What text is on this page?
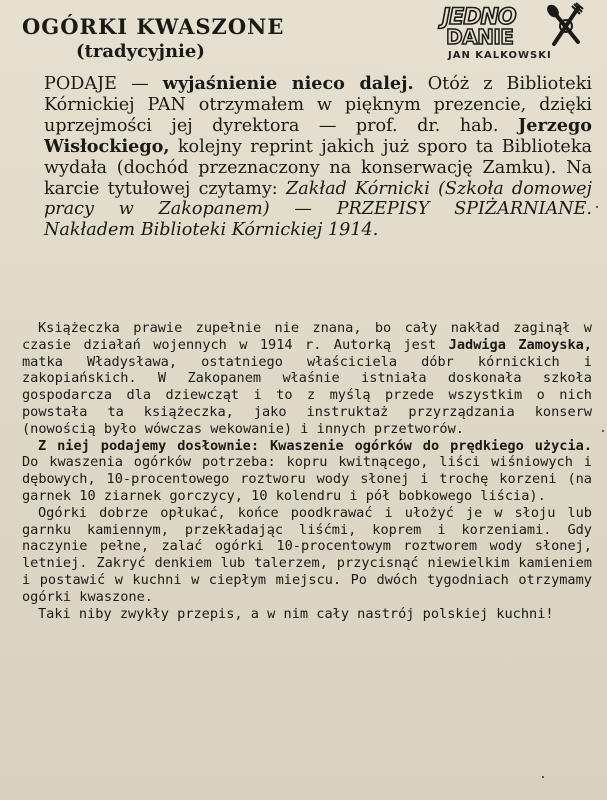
OGÓRKI KWASZONE
(tradycyjnie)
JEDNO
DANIE
JAN KALKOWSKI

PODAJE — wyjaśnienie nieco dalej. Otóż z Biblioteki Kórnickiej PAN otrzymałem w pięknym prezencie, dzięki uprzejmości jej dyrektora — prof. dr. hab. Jerzego Wisłockiego, kolejny reprint jakich już sporo ta Biblioteka wydała (dochód przeznaczony na konserwację Zamku). Na karcie tytułowej czytamy: Zakład Kórnicki (Szkoła domowej pracy w Zakopanem) — PRZEPISY SPIŻARNIANE. Nakładem Biblioteki Kórnickiej 1914.

Książeczka prawie zupełnie nie znana, bo cały nakład zaginął w czasie działań wojennych w 1914 r. Autorką jest Jadwiga Zamoyska, matka Władysława, ostatniego właściciela dóbr kórnickich i zakopiańskich. W Zakopanem właśnie istniała doskonała szkoła gospodarcza dla dziewcząt i to z myślą przede wszystkim o nich powstała ta książeczka, jako instruktaż przyrządzania konserw (nowością było wówczas wekowanie) i innych przetworów.

Z niej podajemy dosłownie: Kwaszenie ogórków do prędkiego użycia. Do kwaszenia ogórków potrzeba: kopru kwitnącego, liści wiśniowych i dębowych, 10-procentowego roztworu wody słonej i trochę korzeni (na garnek 10 ziarnek gorczycy, 10 kolendru i pół bobkowego liścia).

Ogórki dobrze opłukać, końce poodkrawać i ułożyć je w słoju lub garnku kamiennym, przekładając liśćmi, koprem i korzeniami. Gdy naczynie pełne, zalać ogórki 10-procentowym roztworem wody słonej, letniej. Zakryć denkiem lub talerzem, przycisnąć niewielkim kamieniem i postawić w kuchni w ciepłym miejscu. Po dwóch tygodniach otrzymamy ogórki kwaszone.

Taki niby zwykły przepis, a w nim cały nastrój polskiej kuchni!
